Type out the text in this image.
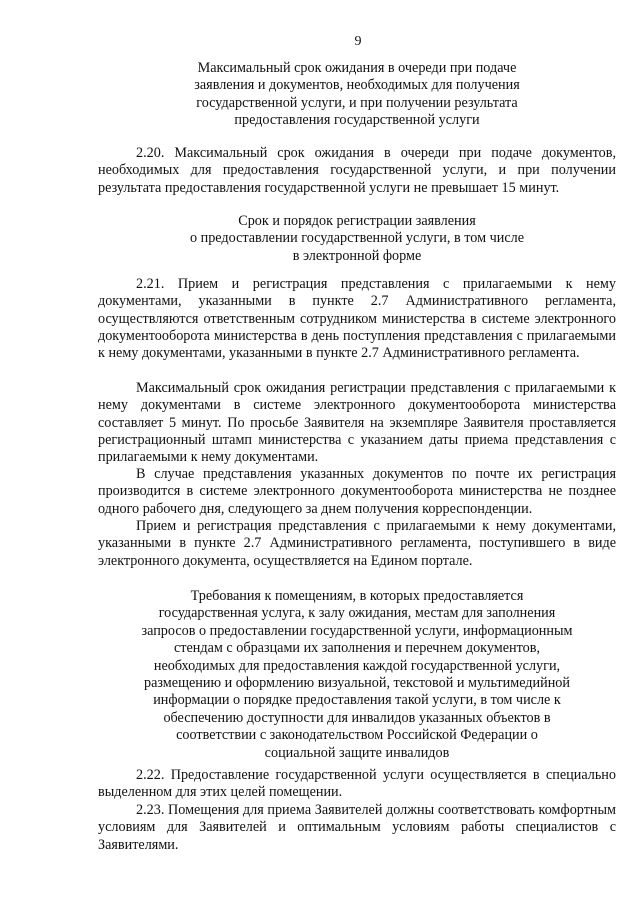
9
Максимальный срок ожидания в очереди при подаче
заявления и документов, необходимых для получения
государственной услуги, и при получении результата
предоставления государственной услуги

2.20. Максимальный срок ожидания в очереди при подаче документов, необходимых для предоставления государственной услуги, и при получении результата предоставления государственной услуги не превышает 15 минут.

Срок и порядок регистрации заявления
о предоставлении государственной услуги, в том числе
в электронной форме

2.21. Прием и регистрация представления с прилагаемыми к нему документами, указанными в пункте 2.7 Административного регламента, осуществляются ответственным сотрудником министерства в системе электронного документооборота министерства в день поступления представления с прилагаемыми к нему документами, указанными в пункте 2.7 Административного регламента.

Максимальный срок ожидания регистрации представления с прилагаемыми к нему документами в системе электронного документооборота министерства составляет 5 минут. По просьбе Заявителя на экземпляре Заявителя проставляется регистрационный штамп министерства с указанием даты приема представления с прилагаемыми к нему документами.

В случае представления указанных документов по почте их регистрация производится в системе электронного документооборота министерства не позднее одного рабочего дня, следующего за днем получения корреспонденции.

Прием и регистрация представления с прилагаемыми к нему документами, указанными в пункте 2.7 Административного регламента, поступившего в виде электронного документа, осуществляется на Едином портале.

Требования к помещениям, в которых предоставляется
государственная услуга, к залу ожидания, местам для заполнения
запросов о предоставлении государственной услуги, информационным
стендам с образцами их заполнения и перечнем документов,
необходимых для предоставления каждой государственной услуги,
размещению и оформлению визуальной, текстовой и мультимедийной
информации о порядке предоставления такой услуги, в том числе к
обеспечению доступности для инвалидов указанных объектов в
соответствии с законодательством Российской Федерации о
социальной защите инвалидов

2.22. Предоставление государственной услуги осуществляется в специально выделенном для этих целей помещении.

2.23. Помещения для приема Заявителей должны соответствовать комфортным условиям для Заявителей и оптимальным условиям работы специалистов с Заявителями.
